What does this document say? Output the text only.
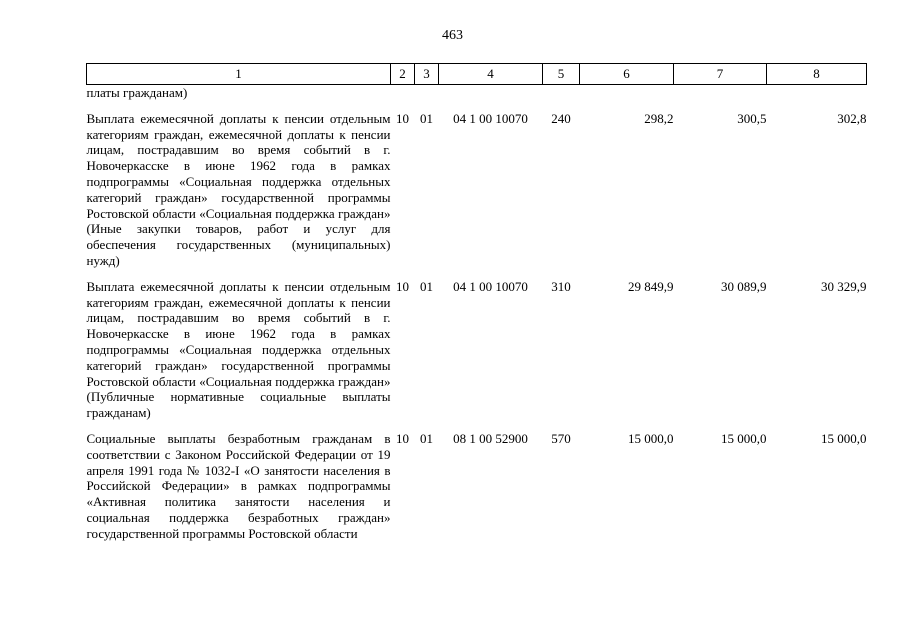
463
1	2	3	4	5	6	7	8
платы гражданам)							
Выплата ежемесячной доплаты к пенсии отдельным категориям граждан, ежемесячной доплаты к пенсии лицам, пострадавшим во время событий в г. Новочеркасске в июне 1962 года в рамках подпрограммы «Социальная поддержка отдельных категорий граждан» государственной программы Ростовской области «Социальная поддержка граждан» (Иные закупки товаров, работ и услуг для обеспечения государственных (муниципальных) нужд)	10	01	04 1 00 10070	240	298,2	300,5	302,8
Выплата ежемесячной доплаты к пенсии отдельным категориям граждан, ежемесячной доплаты к пенсии лицам, пострадавшим во время событий в г. Новочеркасске в июне 1962 года в рамках подпрограммы «Социальная поддержка отдельных категорий граждан» государственной программы Ростовской области «Социальная поддержка граждан» (Публичные нормативные социальные выплаты гражданам)	10	01	04 1 00 10070	310	29 849,9	30 089,9	30 329,9
Социальные выплаты безработным гражданам в соответствии с Законом Российской Федерации от 19 апреля 1991 года № 1032-I «О занятости населения в Российской Федерации» в рамках подпрограммы «Активная политика занятости населения и социальная поддержка безработных граждан» государственной программы Ростовской области	10	01	08 1 00 52900	570	15 000,0	15 000,0	15 000,0
